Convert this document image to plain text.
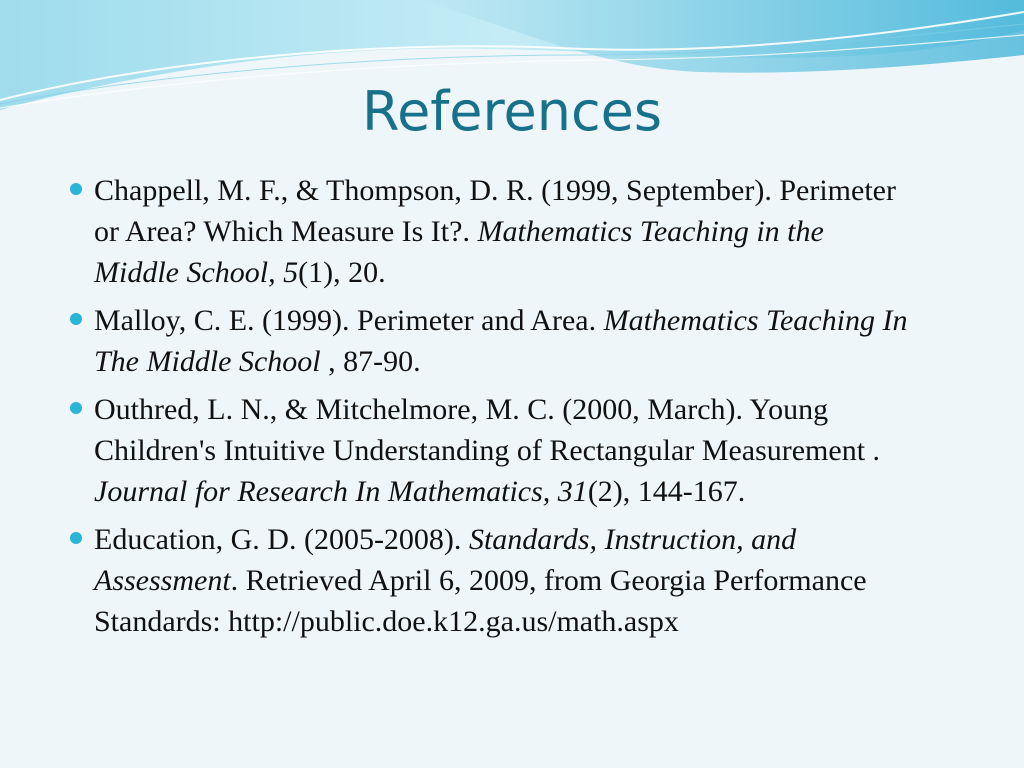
References
Chappell, M. F., & Thompson, D. R. (1999, September). Perimeter or Area? Which Measure Is It?. Mathematics Teaching in the Middle School, 5(1), 20.
Malloy, C. E. (1999). Perimeter and Area. Mathematics Teaching In The Middle School , 87-90.
Outhred, L. N., & Mitchelmore, M. C. (2000, March). Young Children's Intuitive Understanding of Rectangular Measurement . Journal for Research In Mathematics, 31(2), 144-167.
Education, G. D. (2005-2008). Standards, Instruction, and Assessment. Retrieved April 6, 2009, from Georgia Performance Standards: http://public.doe.k12.ga.us/math.aspx
